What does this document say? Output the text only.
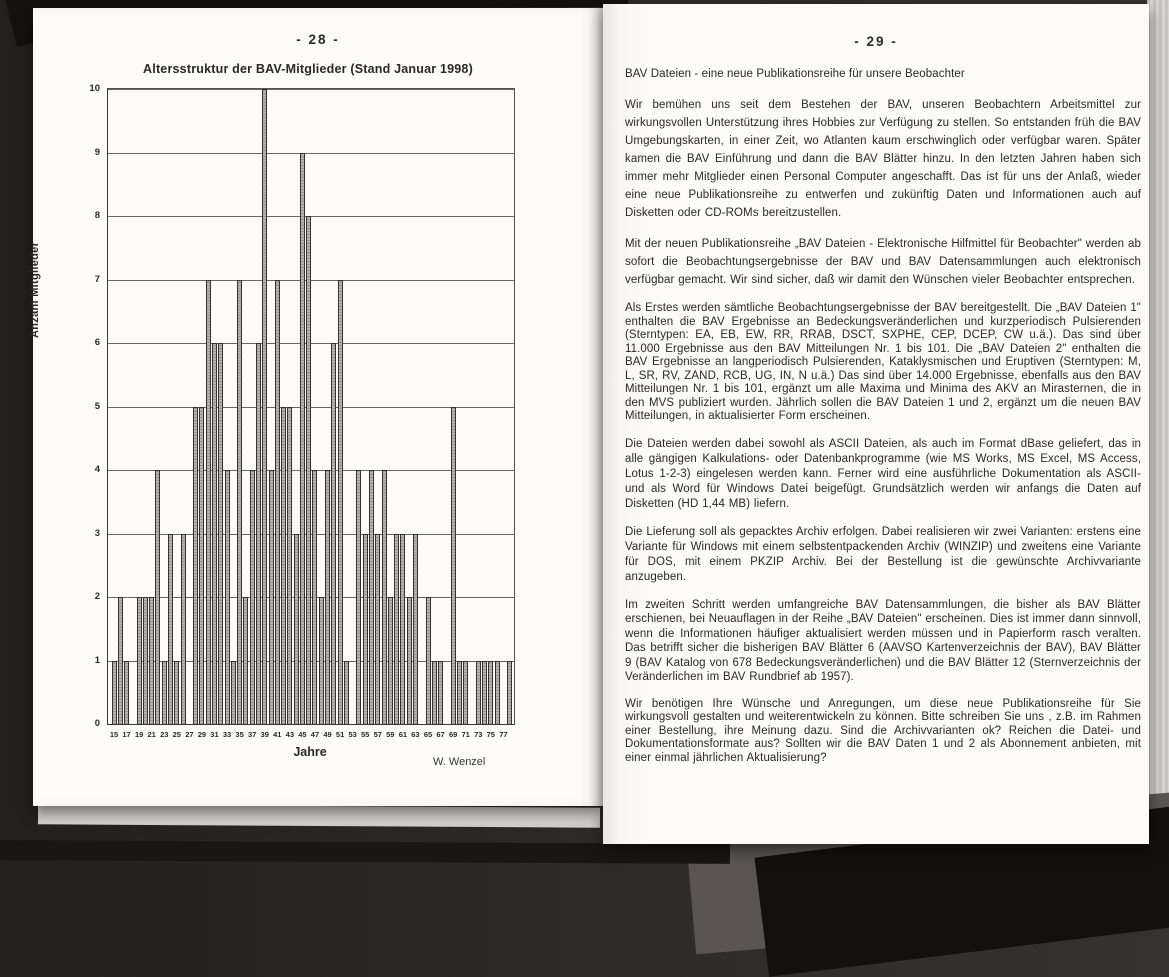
- 28 -
Altersstruktur der BAV-Mitglieder (Stand Januar 1998)
0
1
2
3
4
5
6
7
8
9
10
15 17 19 21 23 25 27 29 31 33 35 37 39 41 43 45 47 49 51 53 55 57 59 61 63 65 67 69 71 73 75 77
Anzahl Mitglieder
Jahre
W. Wenzel
- 29 -
BAV Dateien - eine neue Publikationsreihe für unsere Beobachter

Wir bemühen uns seit dem Bestehen der BAV, unseren Beobachtern Arbeitsmittel zur wirkungsvollen Unterstützung ihres Hobbies zur Verfügung zu stellen. So entstanden früh die BAV Umgebungskarten, in einer Zeit, wo Atlanten kaum erschwinglich oder verfügbar waren. Später kamen die BAV Einführung und dann die BAV Blätter hinzu. In den letzten Jahren haben sich immer mehr Mitglieder einen Personal Computer angeschafft. Das ist für uns der Anlaß, wieder eine neue Publikationsreihe zu entwerfen und zukünftig Daten und Informationen auch auf Disketten oder CD-ROMs bereitzustellen.

Mit der neuen Publikationsreihe „BAV Dateien - Elektronische Hilfmittel für Beobachter" werden ab sofort die Beobachtungsergebnisse der BAV und BAV Datensammlungen auch elektronisch verfügbar gemacht. Wir sind sicher, daß wir damit den Wünschen vieler Beobachter entsprechen.

Als Erstes werden sämtliche Beobachtungsergebnisse der BAV bereitgestellt. Die „BAV Dateien 1" enthalten die BAV Ergebnisse an Bedeckungsveränderlichen und kurzperiodisch Pulsierenden (Sterntypen: EA, EB, EW, RR, RRAB, DSCT, SXPHE, CEP, DCEP, CW u.ä.). Das sind über 11.000 Ergebnisse aus den BAV Mitteilungen Nr. 1 bis 101. Die „BAV Dateien 2" enthalten die BAV Ergebnisse an langperiodisch Pulsierenden, Kataklysmischen und Eruptiven (Sterntypen: M, L, SR, RV, ZAND, RCB, UG, IN, N u.ä.) Das sind über 14.000 Ergebnisse, ebenfalls aus den BAV Mitteilungen Nr. 1 bis 101, ergänzt um alle Maxima und Minima des AKV an Mirasternen, die in den MVS publiziert wurden. Jährlich sollen die BAV Dateien 1 und 2, ergänzt um die neuen BAV Mitteilungen, in aktualisierter Form erscheinen.

Die Dateien werden dabei sowohl als ASCII Dateien, als auch im Format dBase geliefert, das in alle gängigen Kalkulations- oder Datenbankprogramme (wie MS Works, MS Excel, MS Access, Lotus 1-2-3) eingelesen werden kann. Ferner wird eine ausführliche Dokumentation als ASCII- und als Word für Windows Datei beigefügt. Grundsätzlich werden wir anfangs die Daten auf Disketten (HD 1,44 MB) liefern.

Die Lieferung soll als gepacktes Archiv erfolgen. Dabei realisieren wir zwei Varianten: erstens eine Variante für Windows mit einem selbstentpackenden Archiv (WINZIP) und zweitens eine Variante für DOS, mit einem PKZIP Archiv. Bei der Bestellung ist die gewünschte Archivvariante anzugeben.

Im zweiten Schritt werden umfangreiche BAV Datensammlungen, die bisher als BAV Blätter erschienen, bei Neuauflagen in der Reihe „BAV Dateien" erscheinen. Dies ist immer dann sinnvoll, wenn die Informationen häufiger aktualisiert werden müssen und in Papierform rasch veralten. Das betrifft sicher die bisherigen BAV Blätter 6 (AAVSO Kartenverzeichnis der BAV), BAV Blätter 9 (BAV Katalog von 678 Bedeckungsveränderlichen) und die BAV Blätter 12 (Sternverzeichnis der Veränderlichen im BAV Rundbrief ab 1957).

Wir benötigen Ihre Wünsche und Anregungen, um diese neue Publikationsreihe für Sie wirkungsvoll gestalten und weiterentwickeln zu können. Bitte schreiben Sie uns , z.B. im Rahmen einer Bestellung, ihre Meinung dazu. Sind die Archivvarianten ok? Reichen die Datei- und Dokumentationsformate aus? Sollten wir die BAV Daten 1 und 2 als Abonnement anbieten, mit einer einmal jährlichen Aktualisierung?
